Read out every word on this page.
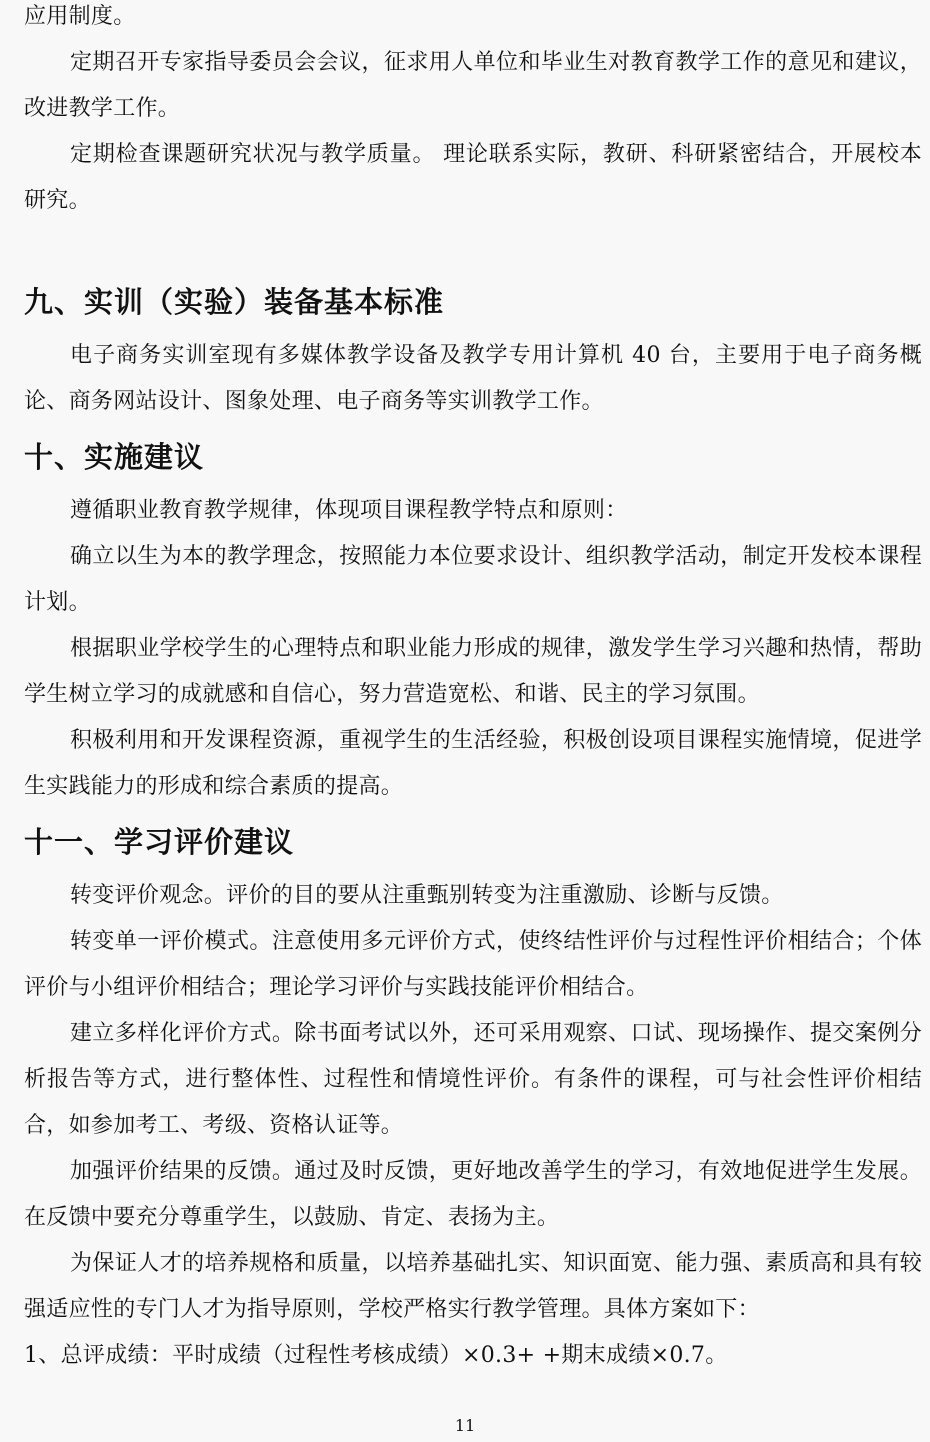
应用制度。

定期召开专家指导委员会会议，征求用人单位和毕业生对教育教学工作的意见和建议，改进教学工作。

定期检查课题研究状况与教学质量。 理论联系实际，教研、科研紧密结合，开展校本研究。

九、实训（实验）装备基本标准

电子商务实训室现有多媒体教学设备及教学专用计算机 40 台，主要用于电子商务概论、商务网站设计、图象处理、电子商务等实训教学工作。

十、实施建议

遵循职业教育教学规律，体现项目课程教学特点和原则：

确立以生为本的教学理念，按照能力本位要求设计、组织教学活动，制定开发校本课程计划。

根据职业学校学生的心理特点和职业能力形成的规律，激发学生学习兴趣和热情，帮助学生树立学习的成就感和自信心，努力营造宽松、和谐、民主的学习氛围。

积极利用和开发课程资源，重视学生的生活经验，积极创设项目课程实施情境，促进学生实践能力的形成和综合素质的提高。

十一、学习评价建议

转变评价观念。评价的目的要从注重甄别转变为注重激励、诊断与反馈。

转变单一评价模式。注意使用多元评价方式，使终结性评价与过程性评价相结合；个体评价与小组评价相结合；理论学习评价与实践技能评价相结合。

建立多样化评价方式。除书面考试以外，还可采用观察、口试、现场操作、提交案例分析报告等方式，进行整体性、过程性和情境性评价。有条件的课程，可与社会性评价相结合，如参加考工、考级、资格认证等。

加强评价结果的反馈。通过及时反馈，更好地改善学生的学习，有效地促进学生发展。在反馈中要充分尊重学生，以鼓励、肯定、表扬为主。

为保证人才的培养规格和质量，以培养基础扎实、知识面宽、能力强、素质高和具有较强适应性的专门人才为指导原则，学校严格实行教学管理。具体方案如下：

1、总评成绩：平时成绩（过程性考核成绩）×0.3+ +期末成绩×0.7。

11
